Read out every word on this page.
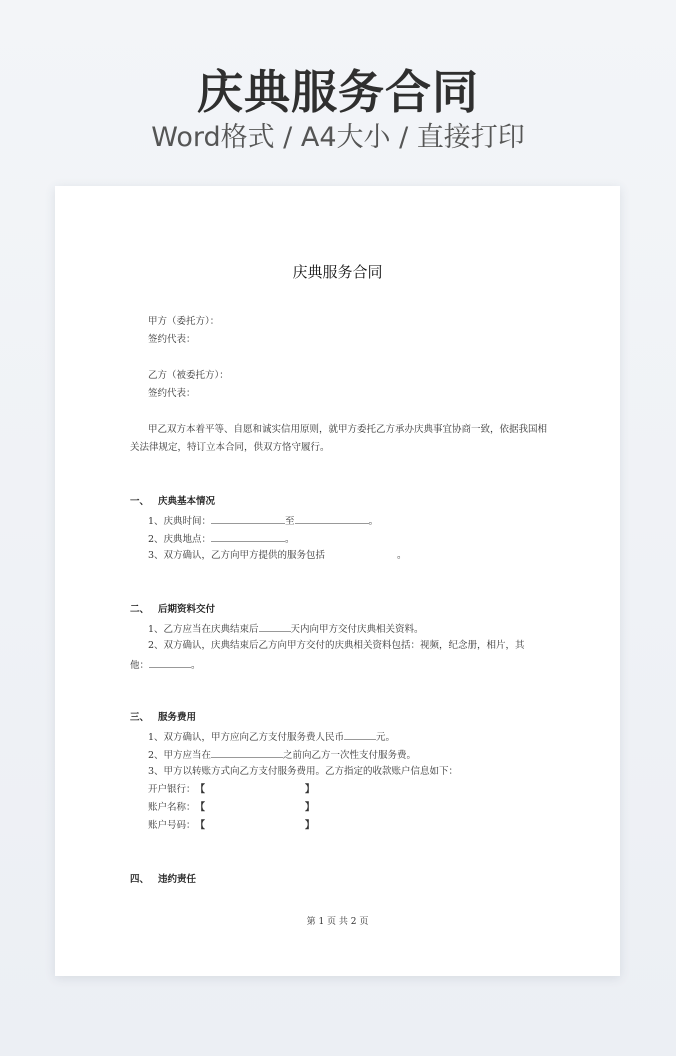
庆典服务合同
Word格式 / A4大小 / 直接打印
庆典服务合同
甲方（委托方）：
签约代表：
乙方（被委托方）：
签约代表：
甲乙双方本着平等、自愿和诚实信用原则，就甲方委托乙方承办庆典事宜协商一致，依据我国相
关法律规定，特订立本合同，供双方恪守履行。
一、 庆典基本情况
1、庆典时间：	至	。
2、庆典地点：	。
3、双方确认，乙方向甲方提供的服务包括	。
二、 后期资料交付
1、乙方应当在庆典结束后	天内向甲方交付庆典相关资料。
2、双方确认，庆典结束后乙方向甲方交付的庆典相关资料包括：视频，纪念册，相片，其
他：	。
三、 服务费用
1、双方确认，甲方应向乙方支付服务费人民币	元。
2、甲方应当在	之前向乙方一次性支付服务费。
3、甲方以转账方式向乙方支付服务费用。乙方指定的收款账户信息如下：
开户银行：【	】
账户名称：【	】
账户号码：【	】
四、 违约责任
第 1 页 共 2 页
